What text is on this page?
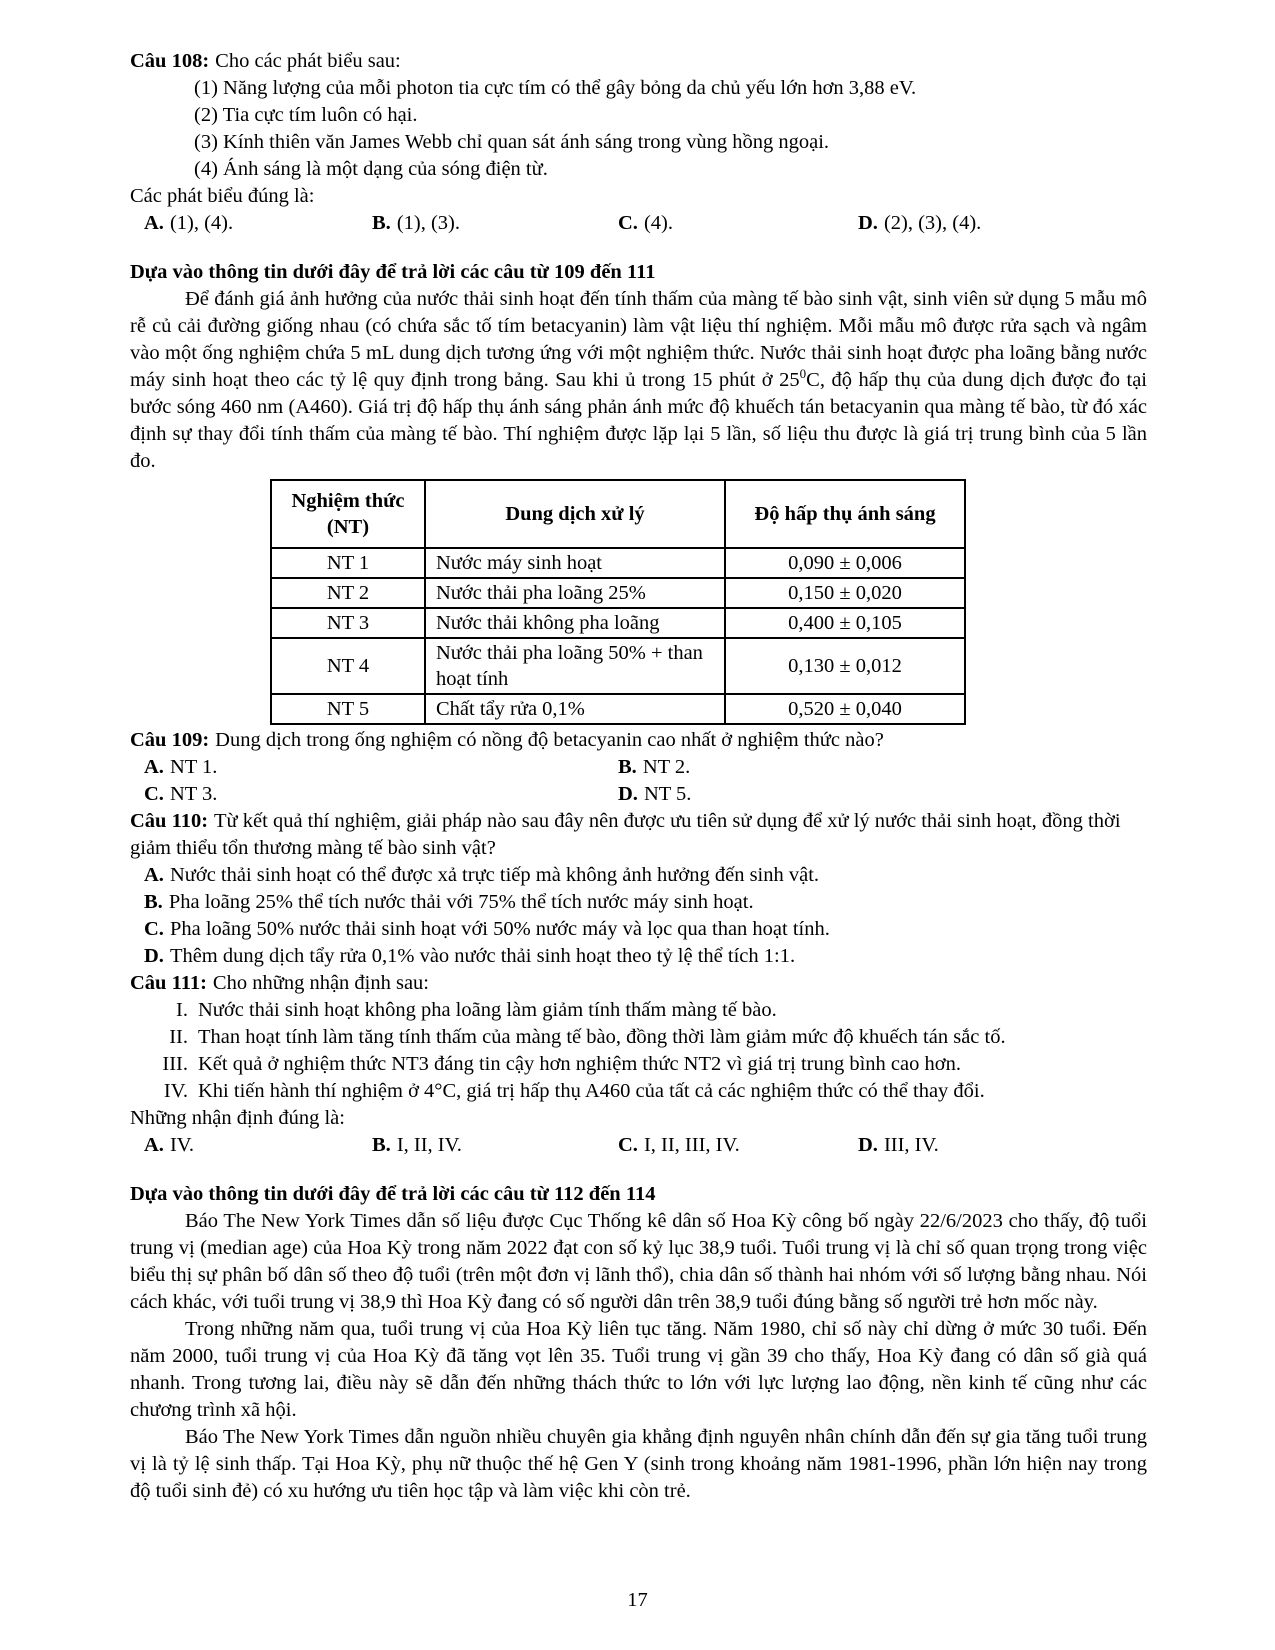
Câu 108: Cho các phát biểu sau:
(1) Năng lượng của mỗi photon tia cực tím có thể gây bỏng da chủ yếu lớn hơn 3,88 eV.
(2) Tia cực tím luôn có hại.
(3) Kính thiên văn James Webb chỉ quan sát ánh sáng trong vùng hồng ngoại.
(4) Ánh sáng là một dạng của sóng điện từ.
Các phát biểu đúng là:
A. (1), (4).	B. (1), (3).	C. (4).	D. (2), (3), (4).
Dựa vào thông tin dưới đây để trả lời các câu từ 109 đến 111

Để đánh giá ảnh hưởng của nước thải sinh hoạt đến tính thấm của màng tế bào sinh vật, sinh viên sử dụng 5 mẫu mô rễ củ cải đường giống nhau (có chứa sắc tố tím betacyanin) làm vật liệu thí nghiệm. Mỗi mẫu mô được rửa sạch và ngâm vào một ống nghiệm chứa 5 mL dung dịch tương ứng với một nghiệm thức. Nước thải sinh hoạt được pha loãng bằng nước máy sinh hoạt theo các tỷ lệ quy định trong bảng. Sau khi ủ trong 15 phút ở $25^0C$, độ hấp thụ của dung dịch được đo tại bước sóng 460 nm (A460). Giá trị độ hấp thụ ánh sáng phản ánh mức độ khuếch tán betacyanin qua màng tế bào, từ đó xác định sự thay đổi tính thấm của màng tế bào. Thí nghiệm được lặp lại 5 lần, số liệu thu được là giá trị trung bình của 5 lần đo.

Nghiệm thức
(NT)	Dung dịch xử lý	Độ hấp thụ ánh sáng
NT 1	Nước máy sinh hoạt	0,090 ± 0,006
NT 2	Nước thải pha loãng 25%	0,150 ± 0,020
NT 3	Nước thải không pha loãng	0,400 ± 0,105
NT 4	Nước thải pha loãng 50% + than hoạt tính	0,130 ± 0,012
NT 5	Chất tẩy rửa 0,1%	0,520 ± 0,040
Câu 109: Dung dịch trong ống nghiệm có nồng độ betacyanin cao nhất ở nghiệm thức nào?
A. NT 1.	B. NT 2.
C. NT 3.	D. NT 5.
Câu 110: Từ kết quả thí nghiệm, giải pháp nào sau đây nên được ưu tiên sử dụng để xử lý nước thải sinh hoạt, đồng thời giảm thiểu tổn thương màng tế bào sinh vật?
A. Nước thải sinh hoạt có thể được xả trực tiếp mà không ảnh hưởng đến sinh vật.
B. Pha loãng 25% thể tích nước thải với 75% thể tích nước máy sinh hoạt.
C. Pha loãng 50% nước thải sinh hoạt với 50% nước máy và lọc qua than hoạt tính.
D. Thêm dung dịch tẩy rửa 0,1% vào nước thải sinh hoạt theo tỷ lệ thể tích 1:1.
Câu 111: Cho những nhận định sau:
I. Nước thải sinh hoạt không pha loãng làm giảm tính thấm màng tế bào.
II. Than hoạt tính làm tăng tính thấm của màng tế bào, đồng thời làm giảm mức độ khuếch tán sắc tố.
III. Kết quả ở nghiệm thức NT3 đáng tin cậy hơn nghiệm thức NT2 vì giá trị trung bình cao hơn.
IV. Khi tiến hành thí nghiệm ở 4°C, giá trị hấp thụ A460 của tất cả các nghiệm thức có thể thay đổi.
Những nhận định đúng là:
A. IV.	B. I, II, IV.	C. I, II, III, IV.	D. III, IV.
Dựa vào thông tin dưới đây để trả lời các câu từ 112 đến 114

Báo The New York Times dẫn số liệu được Cục Thống kê dân số Hoa Kỳ công bố ngày 22/6/2023 cho thấy, độ tuổi trung vị (median age) của Hoa Kỳ trong năm 2022 đạt con số kỷ lục 38,9 tuổi. Tuổi trung vị là chỉ số quan trọng trong việc biểu thị sự phân bố dân số theo độ tuổi (trên một đơn vị lãnh thổ), chia dân số thành hai nhóm với số lượng bằng nhau. Nói cách khác, với tuổi trung vị 38,9 thì Hoa Kỳ đang có số người dân trên 38,9 tuổi đúng bằng số người trẻ hơn mốc này.

Trong những năm qua, tuổi trung vị của Hoa Kỳ liên tục tăng. Năm 1980, chỉ số này chỉ dừng ở mức 30 tuổi. Đến năm 2000, tuổi trung vị của Hoa Kỳ đã tăng vọt lên 35. Tuổi trung vị gần 39 cho thấy, Hoa Kỳ đang có dân số già quá nhanh. Trong tương lai, điều này sẽ dẫn đến những thách thức to lớn với lực lượng lao động, nền kinh tế cũng như các chương trình xã hội.

Báo The New York Times dẫn nguồn nhiều chuyên gia khẳng định nguyên nhân chính dẫn đến sự gia tăng tuổi trung vị là tỷ lệ sinh thấp. Tại Hoa Kỳ, phụ nữ thuộc thế hệ Gen Y (sinh trong khoảng năm 1981-1996, phần lớn hiện nay trong độ tuổi sinh đẻ) có xu hướng ưu tiên học tập và làm việc khi còn trẻ.

17
